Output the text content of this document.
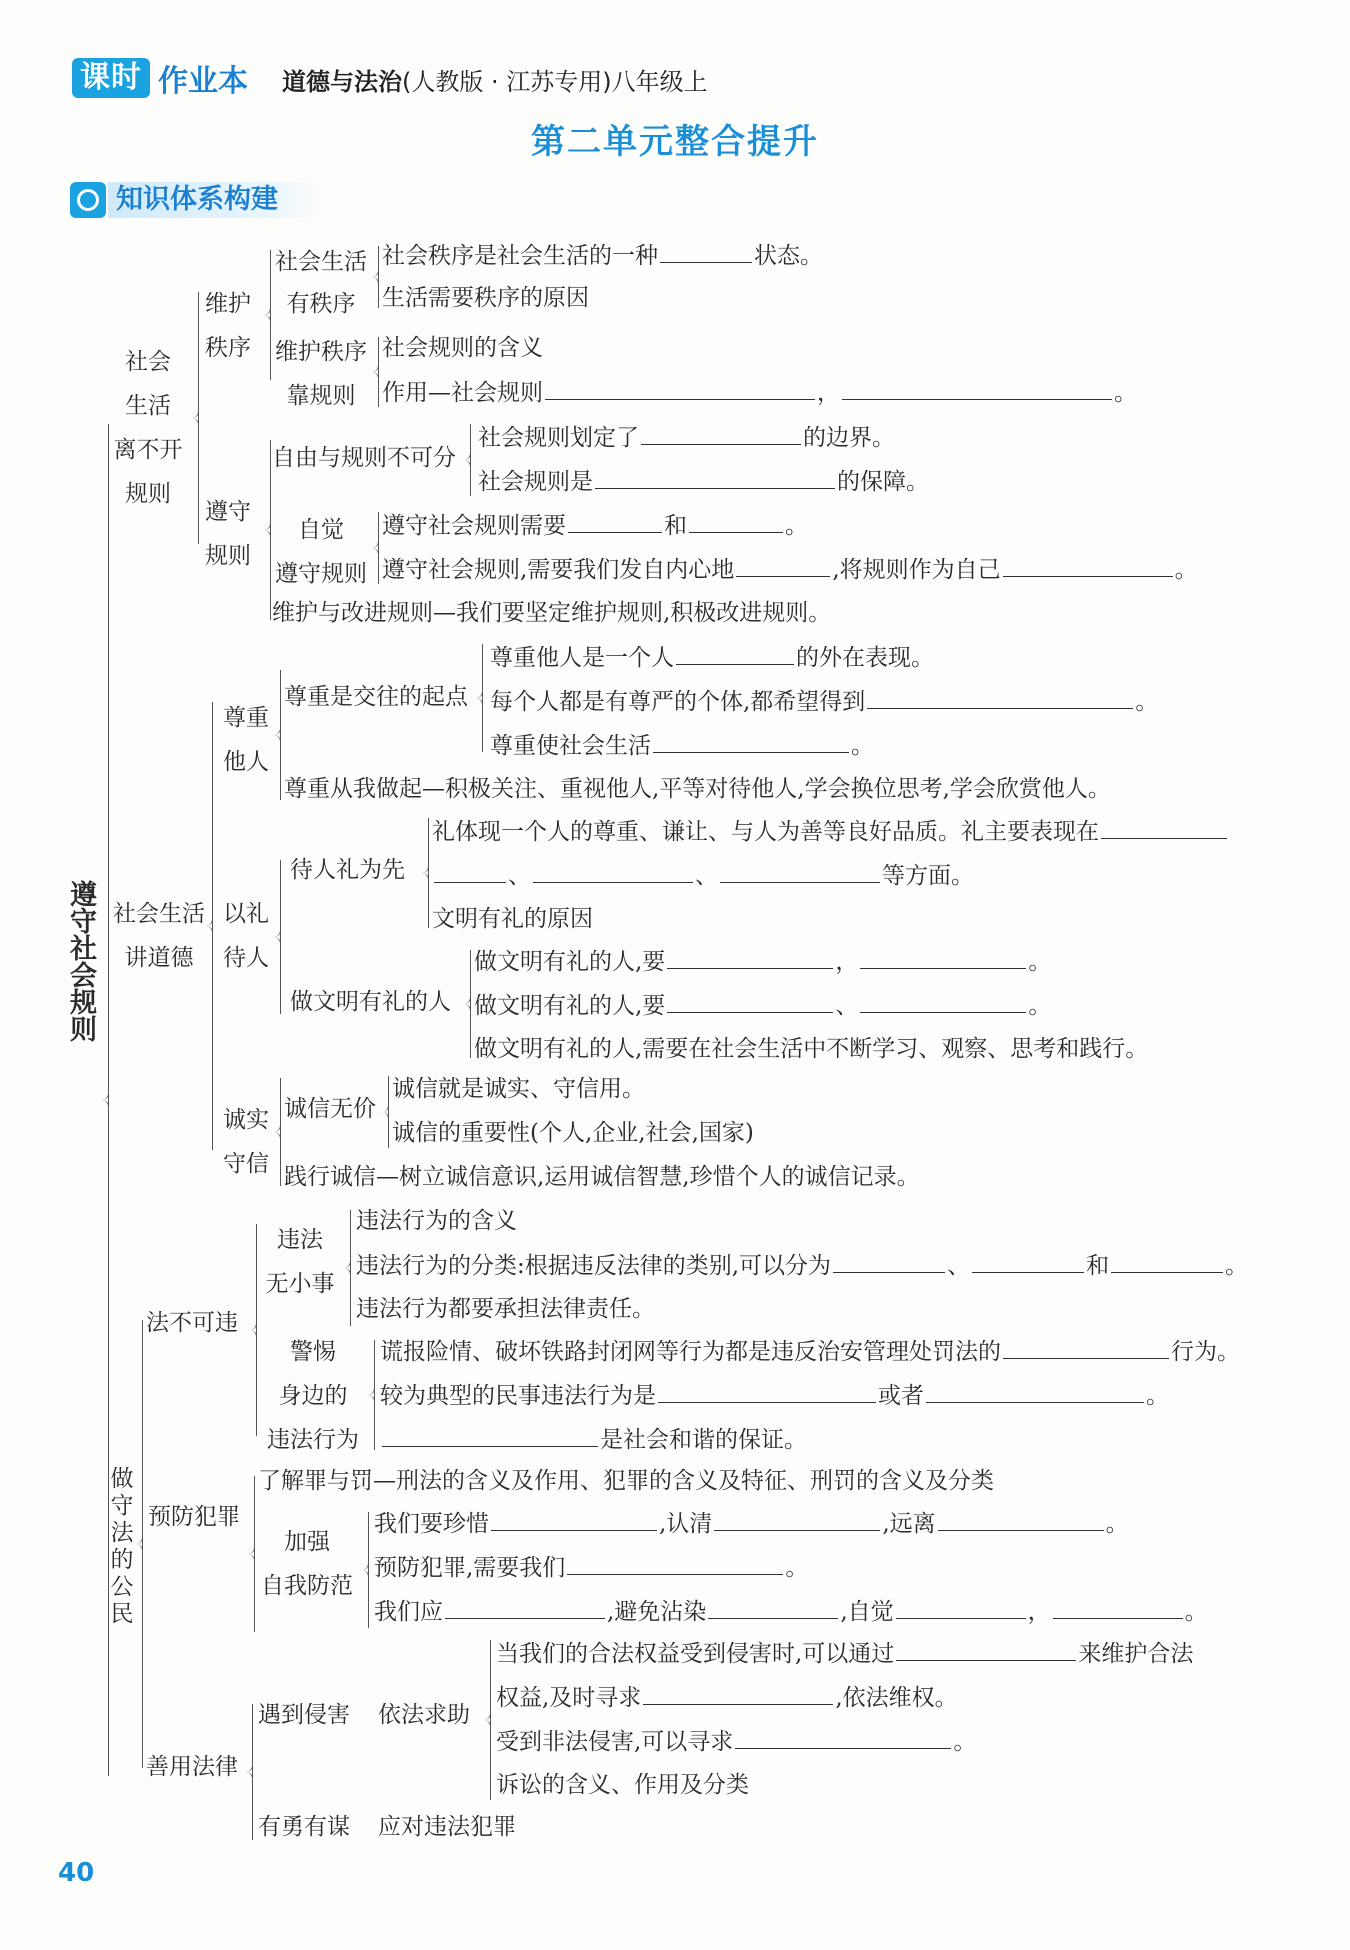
课时 作业本 道德与法治(人教版 · 江苏专用)八年级上
第二单元整合提升
知识体系构建
遵守社会规则
社会
生活
离不开
规则
维护
秩序
社会生活
有秩序
社会秩序是社会生活的一种	状态。
生活需要秩序的原因
维护秩序
靠规则
社会规则的含义
作用—社会规则	，	。
遵守
规则
自由与规则不可分
社会规则划定了	的边界。
社会规则是	的保障。
自觉
遵守规则
遵守社会规则需要	和	。
遵守社会规则,需要我们发自内心地	,将规则作为自己	。
维护与改进规则—我们要坚定维护规则,积极改进规则。
社会生活
讲道德
尊重
他人
尊重是交往的起点
尊重他人是一个人	的外在表现。
每个人都是有尊严的个体,都希望得到	。
尊重使社会生活	。
尊重从我做起—积极关注、重视他人,平等对待他人,学会换位思考,学会欣赏他人。
以礼
待人
待人礼为先
礼体现一个人的尊重、谦让、与人为善等良好品质。礼主要表现在
、	、	等方面。
文明有礼的原因
做文明有礼的人
做文明有礼的人,要	，	。
做文明有礼的人,要	、	。
做文明有礼的人,需要在社会生活中不断学习、观察、思考和践行。
诚实
守信
诚信无价
诚信就是诚实、守信用。
诚信的重要性(个人,企业,社会,国家)
践行诚信—树立诚信意识,运用诚信智慧,珍惜个人的诚信记录。
做
守
法
的
公
民
法不可违
违法
无小事
违法行为的含义
违法行为的分类:根据违反法律的类别,可以分为	、	和	。
违法行为都要承担法律责任。
警惕
身边的
违法行为
谎报险情、破坏铁路封闭网等行为都是违反治安管理处罚法的	行为。
较为典型的民事违法行为是	或者	。
是社会和谐的保证。
预防犯罪
了解罪与罚—刑法的含义及作用、犯罪的含义及特征、刑罚的含义及分类
加强
自我防范
我们要珍惜	,认清	,远离	。
预防犯罪,需要我们	。
我们应	,避免沾染	,自觉	，	。
善用法律
遇到侵害 依法求助
当我们的合法权益受到侵害时,可以通过	来维护合法
权益,及时寻求	,依法维权。
受到非法侵害,可以寻求	。
诉讼的含义、作用及分类
有勇有谋 应对违法犯罪
40
